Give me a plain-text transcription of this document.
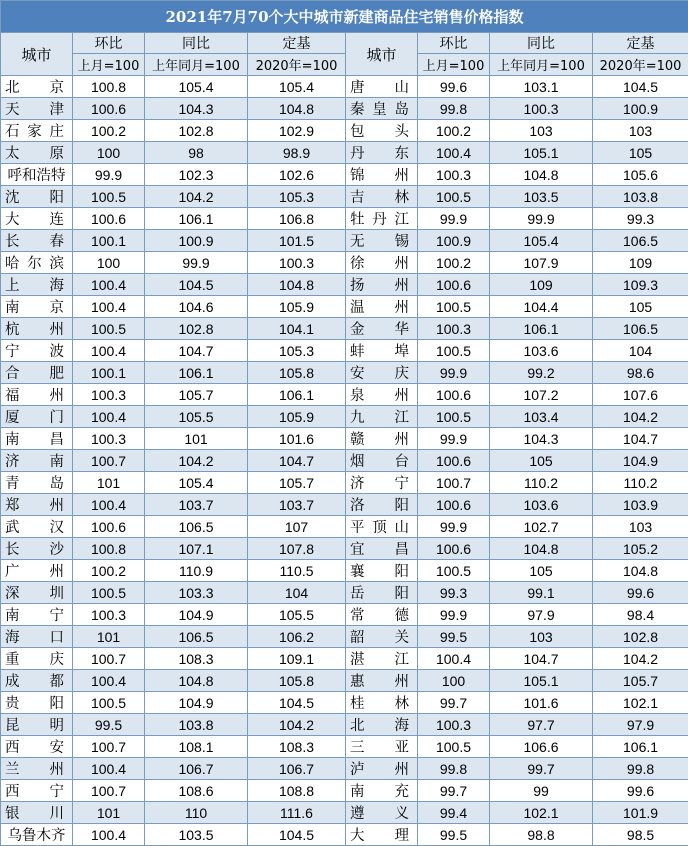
2021年7月70个大中城市新建商品住宅销售价格指数							
城市	环比	同比	定基	城市	环比	同比	定基
	上月=100	上年同月=100	2020年=100		上月=100	上年同月=100	2020年=100
北京	100.8	105.4	105.4	唐山	99.6	103.1	104.5
天津	100.6	104.3	104.8	秦皇岛	99.8	100.3	100.9
石家庄	100.2	102.8	102.9	包头	100.2	103	103
太原	100	98	98.9	丹东	100.4	105.1	105
呼和浩特	99.9	102.3	102.6	锦州	100.3	104.8	105.6
沈阳	100.5	104.2	105.3	吉林	100.5	103.5	103.8
大连	100.6	106.1	106.8	牡丹江	99.9	99.9	99.3
长春	100.1	100.9	101.5	无锡	100.9	105.4	106.5
哈尔滨	100	99.9	100.3	徐州	100.2	107.9	109
上海	100.4	104.5	104.8	扬州	100.6	109	109.3
南京	100.4	104.6	105.9	温州	100.5	104.4	105
杭州	100.5	102.8	104.1	金华	100.3	106.1	106.5
宁波	100.4	104.7	105.3	蚌埠	100.5	103.6	104
合肥	100.1	106.1	105.8	安庆	99.9	99.2	98.6
福州	100.3	105.7	106.1	泉州	100.6	107.2	107.6
厦门	100.4	105.5	105.9	九江	100.5	103.4	104.2
南昌	100.3	101	101.6	赣州	99.9	104.3	104.7
济南	100.7	104.2	104.7	烟台	100.6	105	104.9
青岛	101	105.4	105.7	济宁	100.7	110.2	110.2
郑州	100.4	103.7	103.7	洛阳	100.6	103.6	103.9
武汉	100.6	106.5	107	平顶山	99.9	102.7	103
长沙	100.8	107.1	107.8	宜昌	100.6	104.8	105.2
广州	100.2	110.9	110.5	襄阳	100.5	105	104.8
深圳	100.5	103.3	104	岳阳	99.3	99.1	99.6
南宁	100.3	104.9	105.5	常德	99.9	97.9	98.4
海口	101	106.5	106.2	韶关	99.5	103	102.8
重庆	100.7	108.3	109.1	湛江	100.4	104.7	104.2
成都	100.4	104.8	105.8	惠州	100	105.1	105.7
贵阳	100.5	104.9	104.5	桂林	99.7	101.6	102.1
昆明	99.5	103.8	104.2	北海	100.3	97.7	97.9
西安	100.7	108.1	108.3	三亚	100.5	106.6	106.1
兰州	100.4	106.7	106.7	泸州	99.8	99.7	99.8
西宁	100.7	108.6	108.8	南充	99.7	99	99.6
银川	101	110	111.6	遵义	99.4	102.1	101.9
乌鲁木齐	100.4	103.5	104.5	大理	99.5	98.8	98.5
